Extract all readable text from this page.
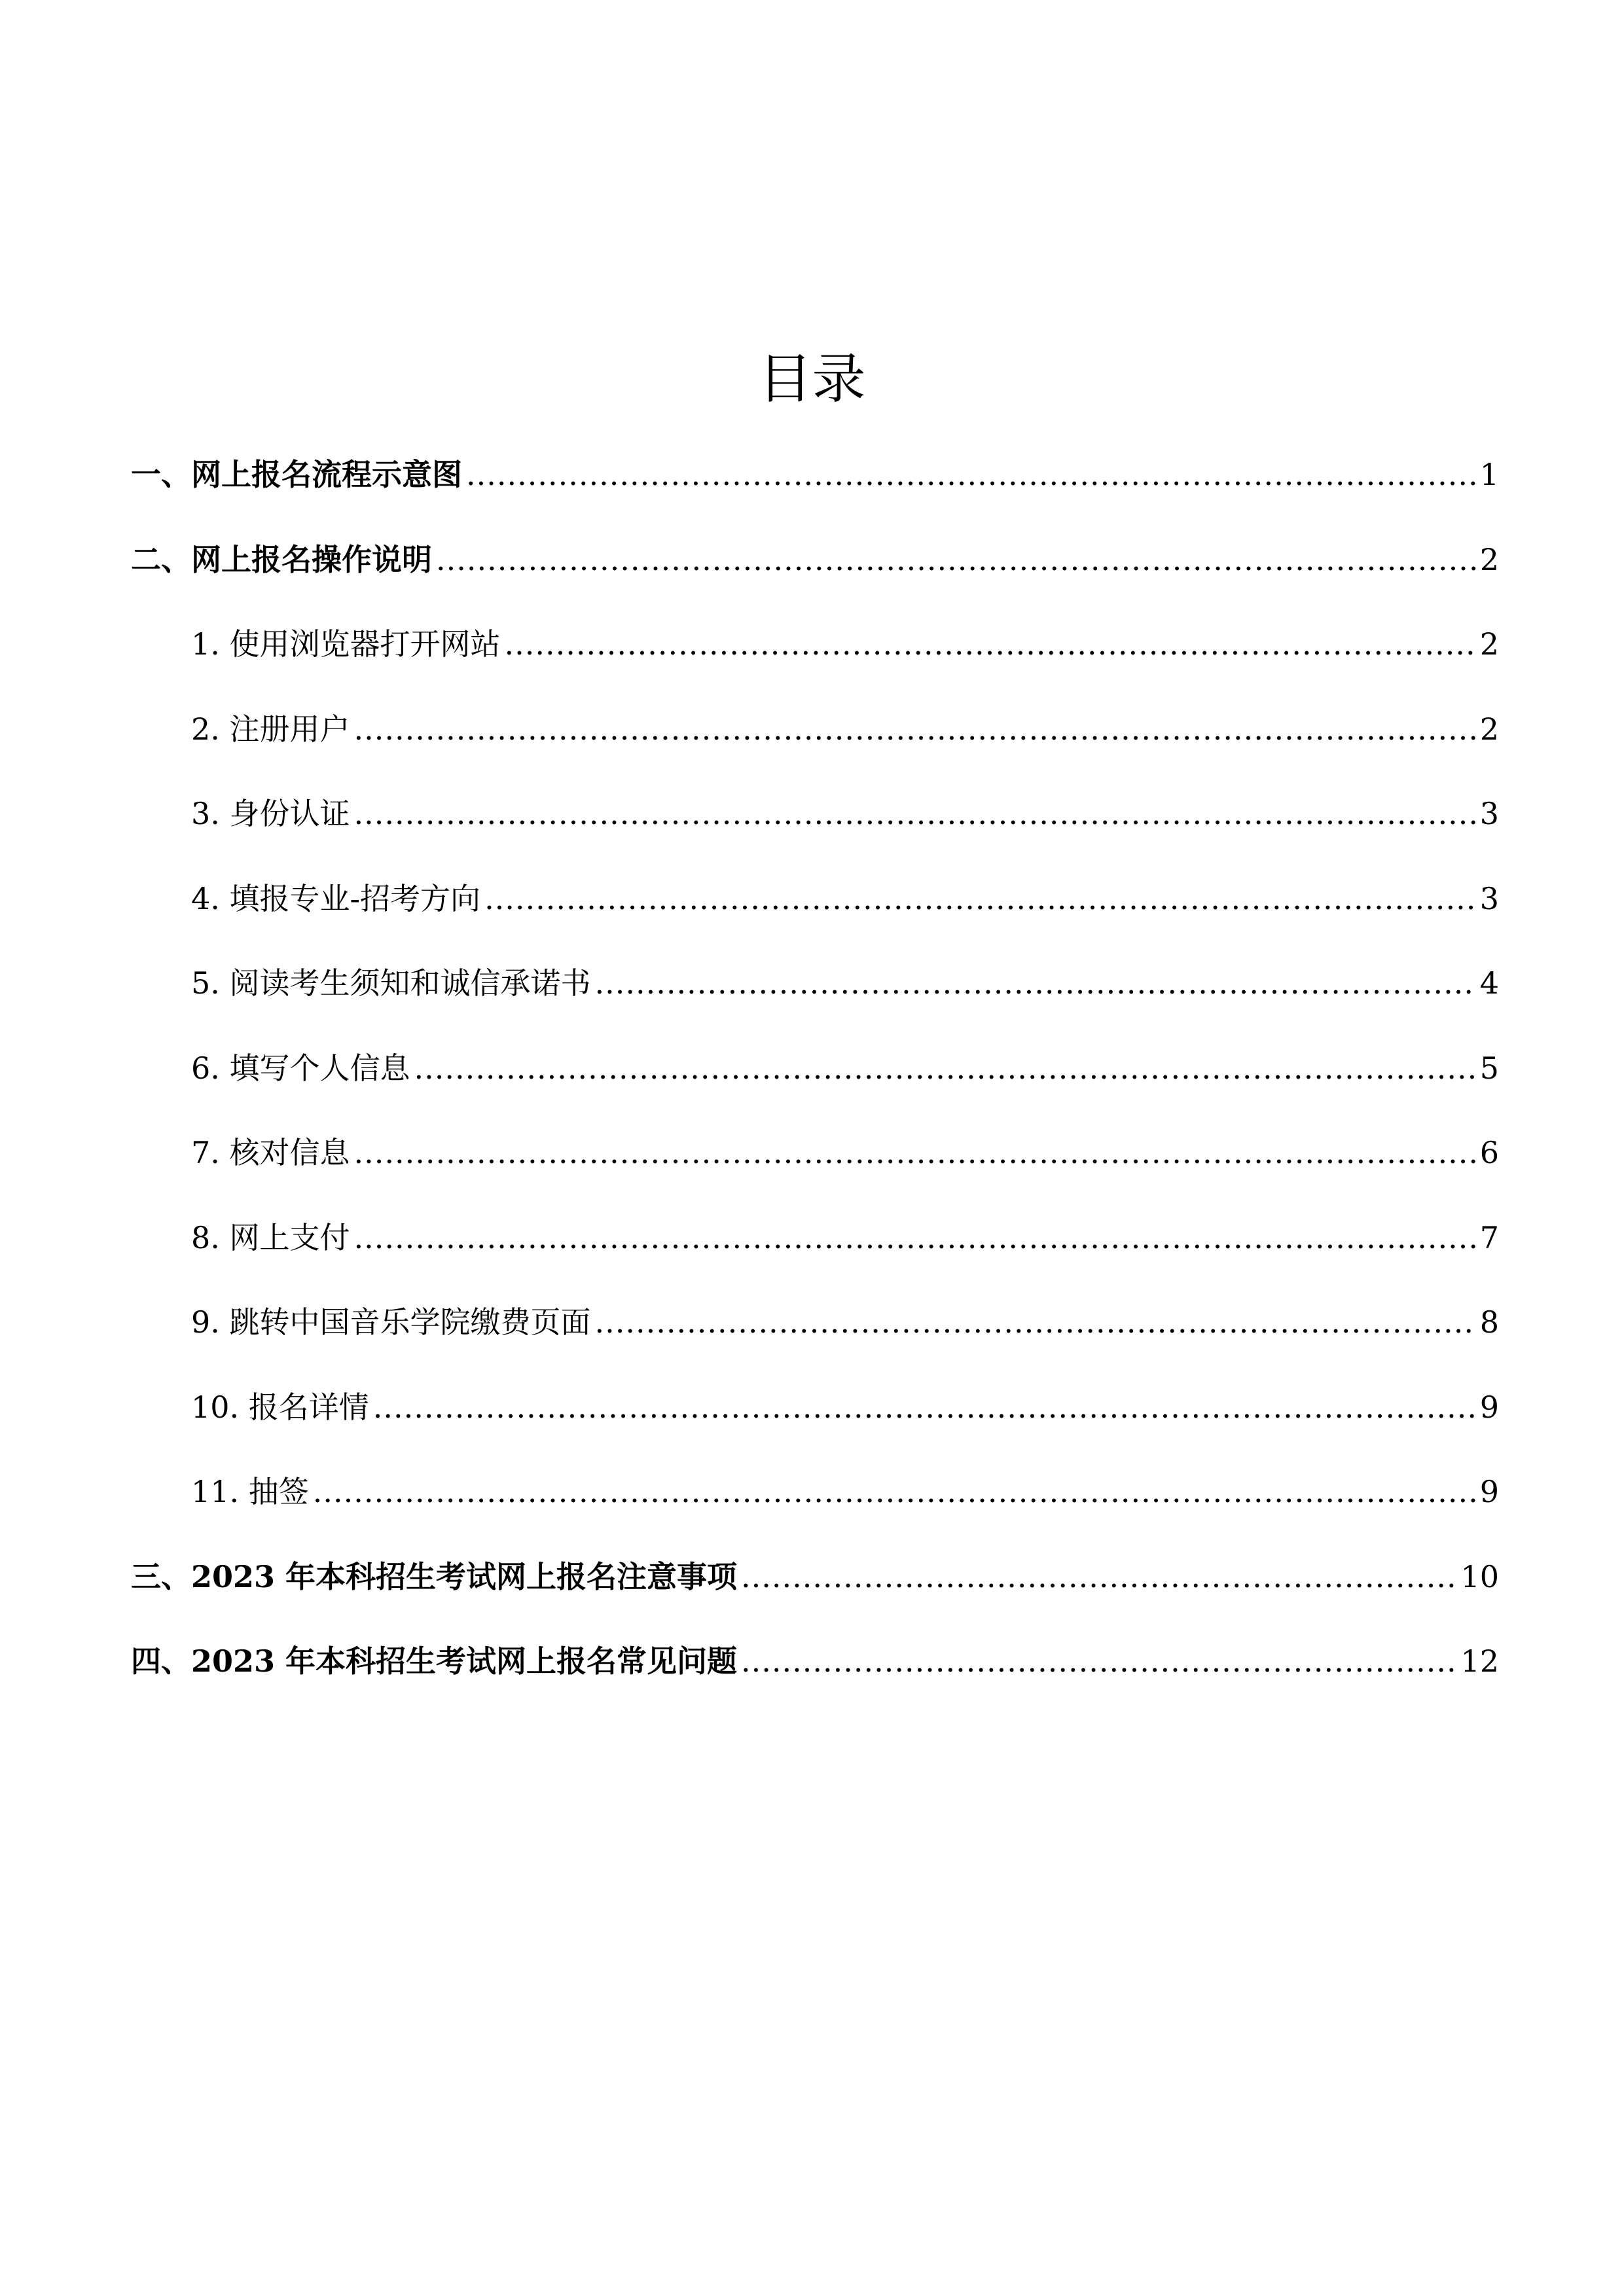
目录
一、网上报名流程示意图 .....	1
二、网上报名操作说明 .....	2
1. 使用浏览器打开网站 .....	2
2. 注册用户 .....	2
3. 身份认证 .....	3
4. 填报专业-招考方向 .....	3
5. 阅读考生须知和诚信承诺书 .....	4
6. 填写个人信息 .....	5
7. 核对信息 .....	6
8. 网上支付 .....	7
9. 跳转中国音乐学院缴费页面 .....	8
10. 报名详情 .....	9
11. 抽签 .....	9
三、2023 年本科招生考试网上报名注意事项 .....	10
四、2023 年本科招生考试网上报名常见问题 .....	12
